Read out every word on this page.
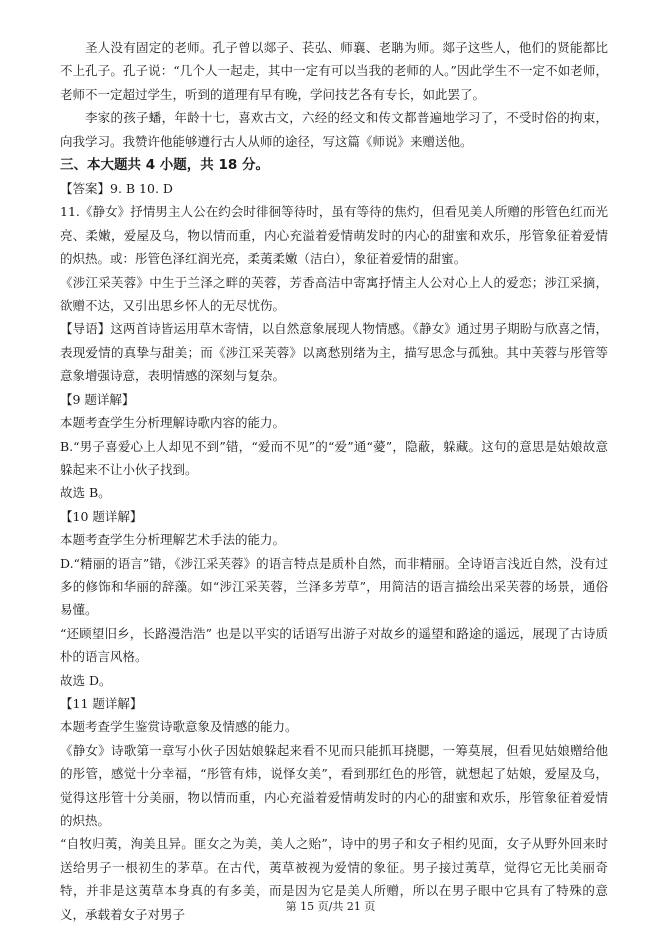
圣人没有固定的老师。孔子曾以郯子、苌弘、师襄、老聃为师。郯子这些人，他们的贤能都比不上孔子。孔子说：“几个人一起走，其中一定有可以当我的老师的人。”因此学生不一定不如老师，老师不一定超过学生，听到的道理有早有晚，学问技艺各有专长，如此罢了。

李家的孩子蟠，年龄十七，喜欢古文，六经的经文和传文都普遍地学习了，不受时俗的拘束，向我学习。我赞许他能够遵行古人从师的途径，写这篇《师说》来赠送他。

三、本大题共 4 小题，共 18 分。

【答案】9. B 10. D

11.《静女》抒情男主人公在约会时徘徊等待时，虽有等待的焦灼，但看见美人所赠的彤管色红而光亮、柔嫩，爱屋及乌，物以情而重，内心充溢着爱情萌发时的内心的甜蜜和欢乐，彤管象征着爱情的炽热。或：彤管色泽红润光亮，柔荑柔嫩（洁白），象征着爱情的甜蜜。

《涉江采芙蓉》中生于兰泽之畔的芙蓉，芳香高洁中寄寓抒情主人公对心上人的爱恋；涉江采摘，欲赠不达，又引出思乡怀人的无尽忧伤。

【导语】这两首诗皆运用草木寄情，以自然意象展现人物情感。《静女》通过男子期盼与欣喜之情，表现爱情的真挚与甜美；而《涉江采芙蓉》以离愁别绪为主，描写思念与孤独。其中芙蓉与彤管等意象增强诗意，表明情感的深刻与复杂。

【9 题详解】

本题考查学生分析理解诗歌内容的能力。

B.“男子喜爱心上人却见不到”错，“爱而不见”的“爱”通“薆”，隐蔽，躲藏。这句的意思是姑娘故意躲起来不让小伙子找到。

故选 B。

【10 题详解】

本题考查学生分析理解艺术手法的能力。

D.“精丽的语言”错，《涉江采芙蓉》的语言特点是质朴自然，而非精丽。全诗语言浅近自然，没有过多的修饰和华丽的辞藻。如“涉江采芙蓉，兰泽多芳草”，用简洁的语言描绘出采芙蓉的场景，通俗易懂。

“还顾望旧乡，长路漫浩浩” 也是以平实的话语写出游子对故乡的遥望和路途的遥远，展现了古诗质朴的语言风格。

故选 D。

【11 题详解】

本题考查学生鉴赏诗歌意象及情感的能力。

《静女》诗歌第一章写小伙子因姑娘躲起来看不见而只能抓耳挠腮，一筹莫展，但看见姑娘赠给他的彤管，感觉十分幸福，“彤管有炜，说怿女美”，看到那红色的彤管，就想起了姑娘，爱屋及乌，觉得这彤管十分美丽，物以情而重，内心充溢着爱情萌发时的内心的甜蜜和欢乐，彤管象征着爱情的炽热。

“自牧归荑，洵美且异。匪女之为美，美人之贻”，诗中的男子和女子相约见面，女子从野外回来时送给男子一根初生的茅草。在古代，荑草被视为爱情的象征。男子接过荑草，觉得它无比美丽奇特，并非是这荑草本身真的有多美，而是因为它是美人所赠，所以在男子眼中它具有了特殊的意义，承载着女子对男子

第 15 页/共 21 页
